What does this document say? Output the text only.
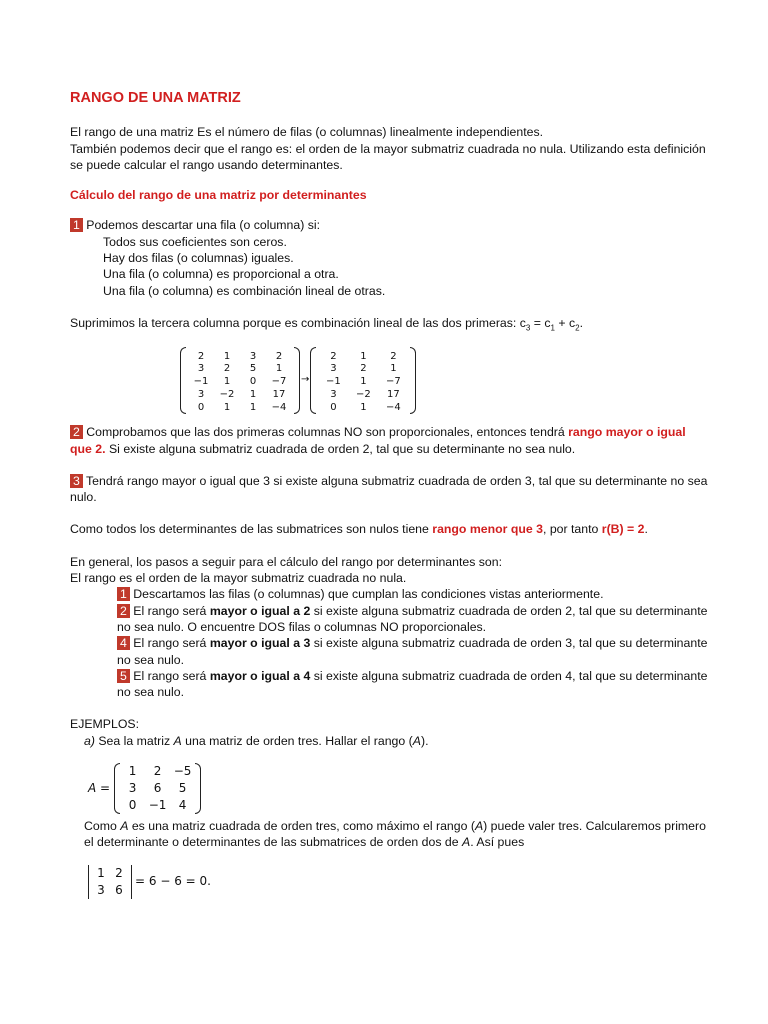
RANGO DE UNA MATRIZ

El rango de una matriz Es el número de filas (o columnas) linealmente independientes.

También podemos decir que el rango es: el orden de la mayor submatriz cuadrada no nula. Utilizando esta definición se puede calcular el rango usando determinantes.

Cálculo del rango de una matriz por determinantes

1 Podemos descartar una fila (o columna) si:

Todos sus coeficientes son ceros.
Hay dos filas (o columnas) iguales.
Una fila (o columna) es proporcional a otra.
Una fila (o columna) es combinación lineal de otras.

Suprimimos la tercera columna porque es combinación lineal de las dos primeras: $c_3 = c_1 + c_2$.

2	1	3	2
3	2	5	1
−1	1	0	−7
3	−2	1	17
0	1	1	−4
→
2	1	2
3	2	1
−1	1	−7
3	−2	17
0	1	−4

2 Comprobamos que las dos primeras columnas NO son proporcionales, entonces tendrá rango mayor o igual que 2. Si existe alguna submatriz cuadrada de orden 2, tal que su determinante no sea nulo.

3 Tendrá rango mayor o igual que 3 si existe alguna submatriz cuadrada de orden 3, tal que su determinante no sea nulo.

Como todos los determinantes de las submatrices son nulos tiene rango menor que 3, por tanto r(B) = 2.

En general, los pasos a seguir para el cálculo del rango por determinantes son:

El rango es el orden de la mayor submatriz cuadrada no nula.

1 Descartamos las filas (o columnas) que cumplan las condiciones vistas anteriormente.
2 El rango será mayor o igual a 2 si existe alguna submatriz cuadrada de orden 2, tal que su determinante no sea nulo. O encuentre DOS filas o columnas NO proporcionales.
4 El rango será mayor o igual a 3 si existe alguna submatriz cuadrada de orden 3, tal que su determinante no sea nulo.
5 El rango será mayor o igual a 4 si existe alguna submatriz cuadrada de orden 4, tal que su determinante no sea nulo.

EJEMPLOS:

a) Sea la matriz A una matriz de orden tres. Hallar el rango (A).

A =
1	2	−5
3	6	5
0	−1	4

Como A es una matriz cuadrada de orden tres, como máximo el rango (A) puede valer tres. Calcularemos primero el determinante o determinantes de las submatrices de orden dos de A. Así pues

1 2
3 6
= 6 − 6 = 0.
